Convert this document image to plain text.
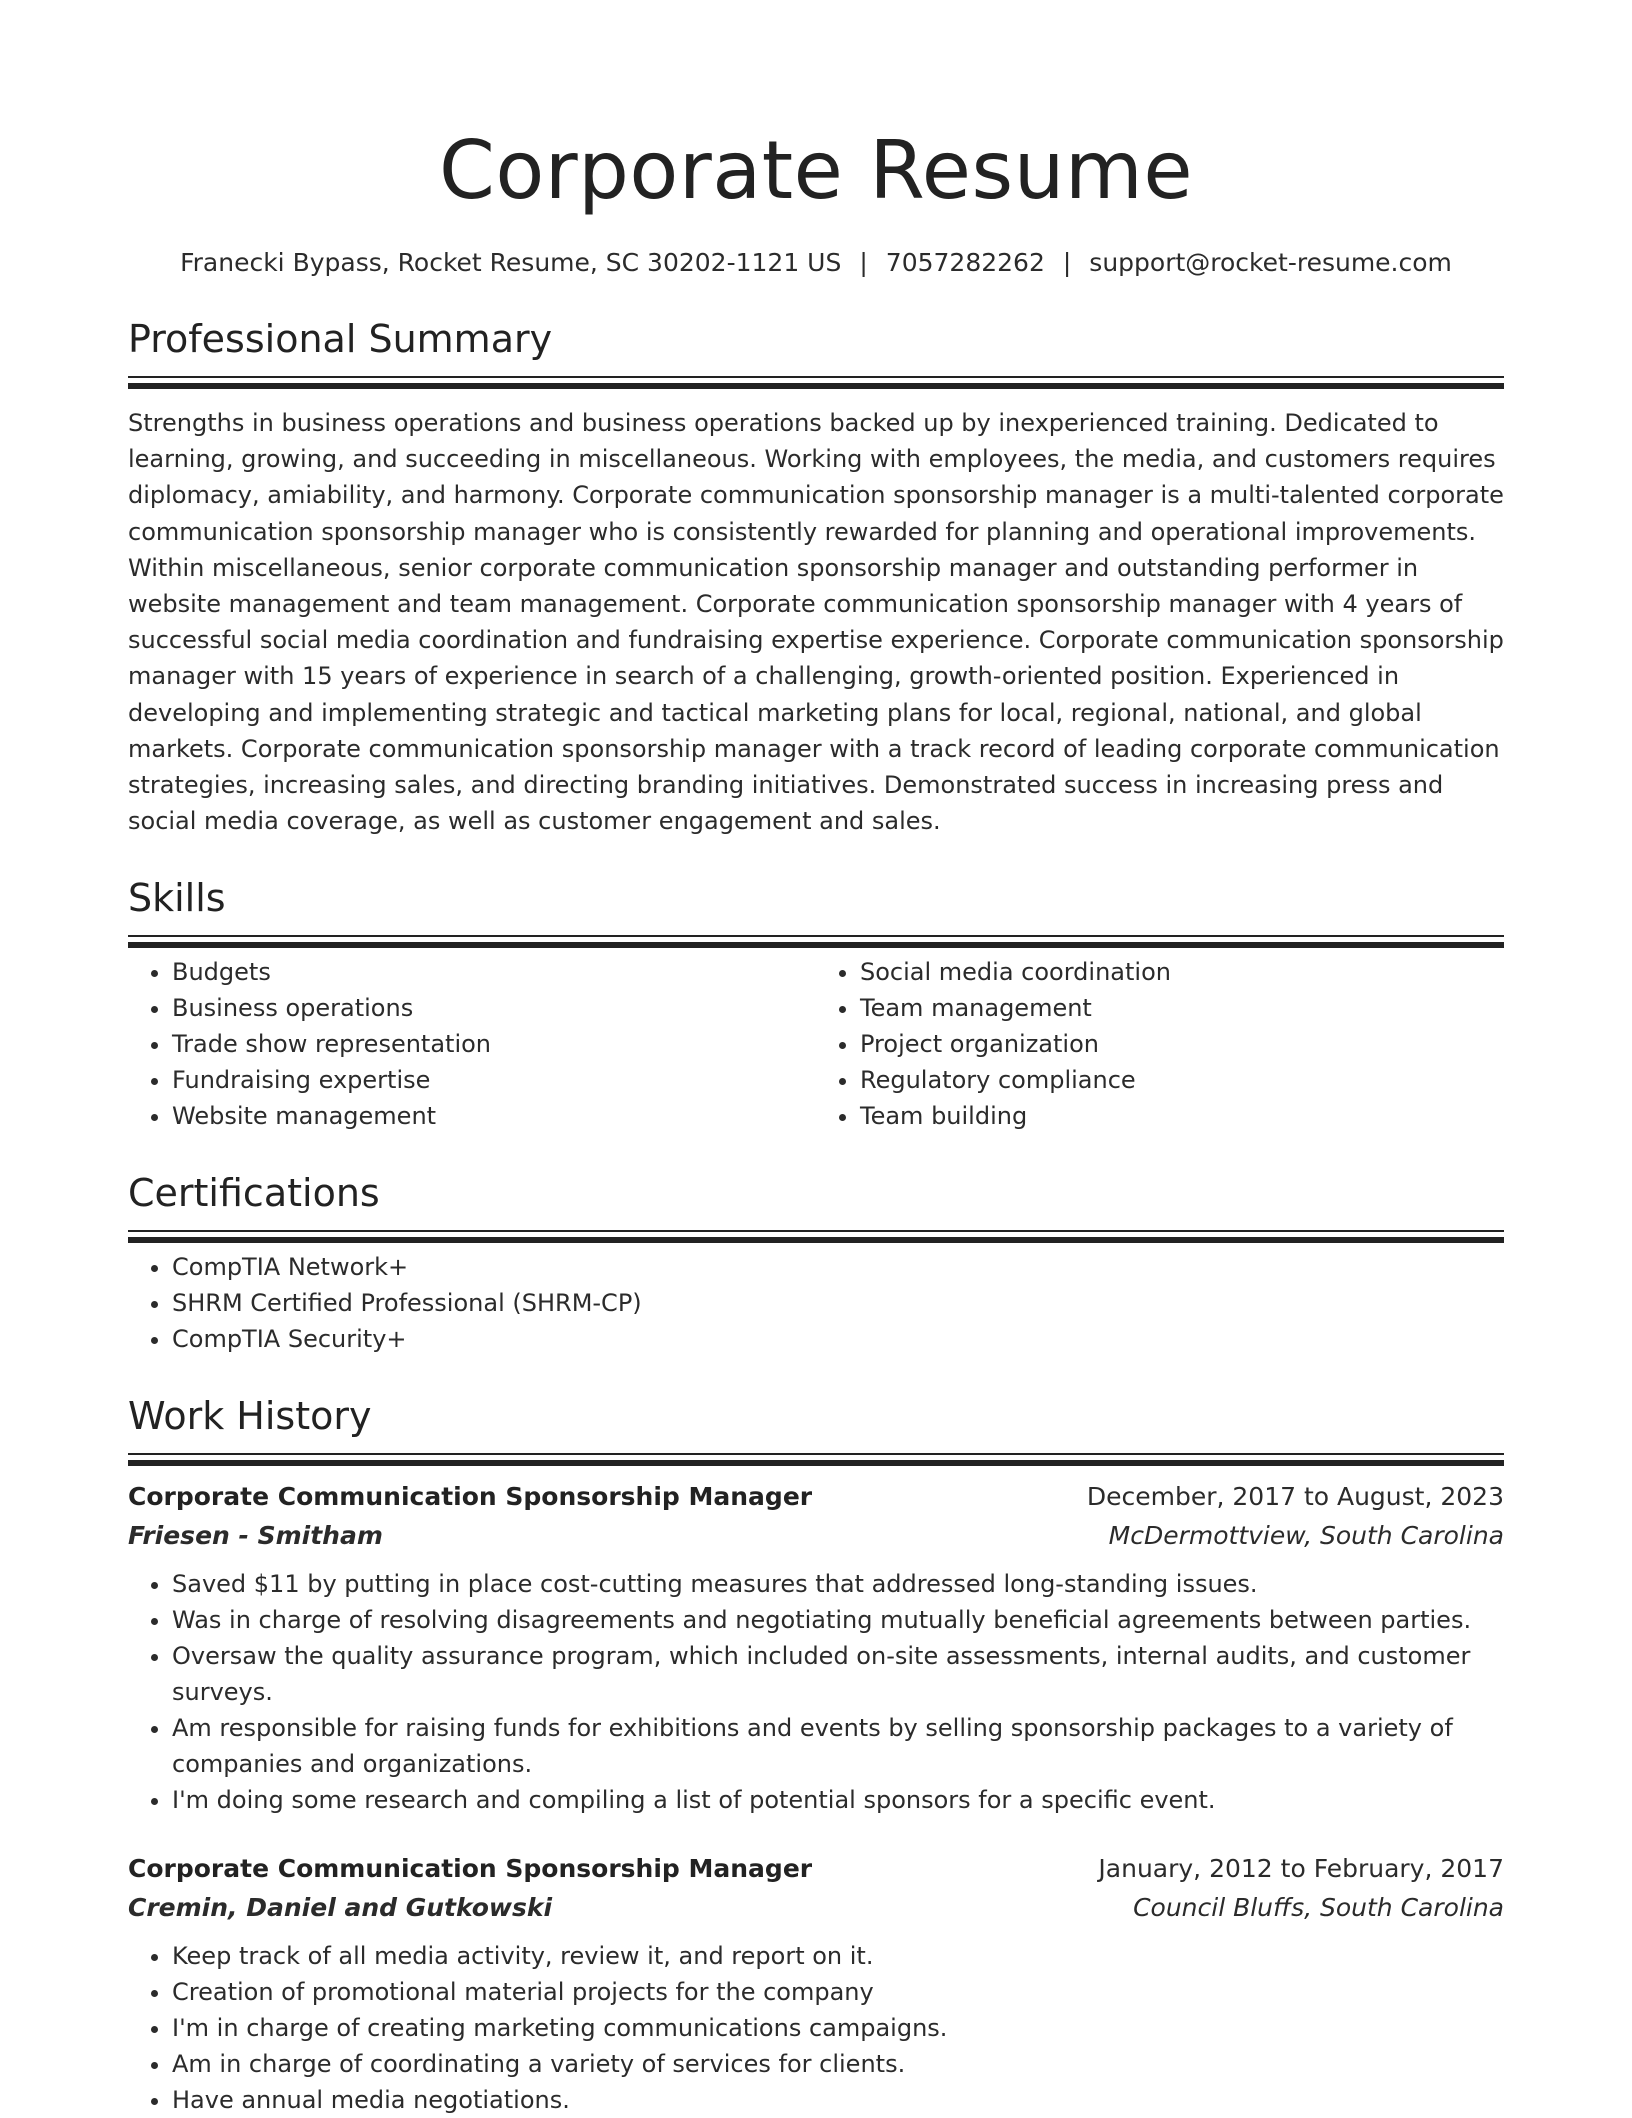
Corporate Resume
Franecki Bypass, Rocket Resume, SC 30202-1121 US | 7057282262 | support@rocket-resume.com
Professional Summary
Strengths in business operations and business operations backed up by inexperienced training. Dedicated to learning, growing, and succeeding in miscellaneous. Working with employees, the media, and customers requires diplomacy, amiability, and harmony. Corporate communication sponsorship manager is a multi-talented corporate communication sponsorship manager who is consistently rewarded for planning and operational improvements. Within miscellaneous, senior corporate communication sponsorship manager and outstanding performer in website management and team management. Corporate communication sponsorship manager with 4 years of successful social media coordination and fundraising expertise experience. Corporate communication sponsorship manager with 15 years of experience in search of a challenging, growth-oriented position. Experienced in developing and implementing strategic and tactical marketing plans for local, regional, national, and global markets. Corporate communication sponsorship manager with a track record of leading corporate communication strategies, increasing sales, and directing branding initiatives. Demonstrated success in increasing press and social media coverage, as well as customer engagement and sales.
Skills
• Budgets
• Business operations
• Trade show representation
• Fundraising expertise
• Website management
• Social media coordination
• Team management
• Project organization
• Regulatory compliance
• Team building
Certifications
• CompTIA Network+
• SHRM Certified Professional (SHRM-CP)
• CompTIA Security+
Work History
Corporate Communication Sponsorship Manager	December, 2017 to August, 2023
Friesen - Smitham	McDermottview, South Carolina
• Saved $11 by putting in place cost-cutting measures that addressed long-standing issues.
• Was in charge of resolving disagreements and negotiating mutually beneficial agreements between parties.
• Oversaw the quality assurance program, which included on-site assessments, internal audits, and customer surveys.
• Am responsible for raising funds for exhibitions and events by selling sponsorship packages to a variety of companies and organizations.
• I'm doing some research and compiling a list of potential sponsors for a specific event.
Corporate Communication Sponsorship Manager	January, 2012 to February, 2017
Cremin, Daniel and Gutkowski	Council Bluffs, South Carolina
• Keep track of all media activity, review it, and report on it.
• Creation of promotional material projects for the company
• I'm in charge of creating marketing communications campaigns.
• Am in charge of coordinating a variety of services for clients.
• Have annual media negotiations.
